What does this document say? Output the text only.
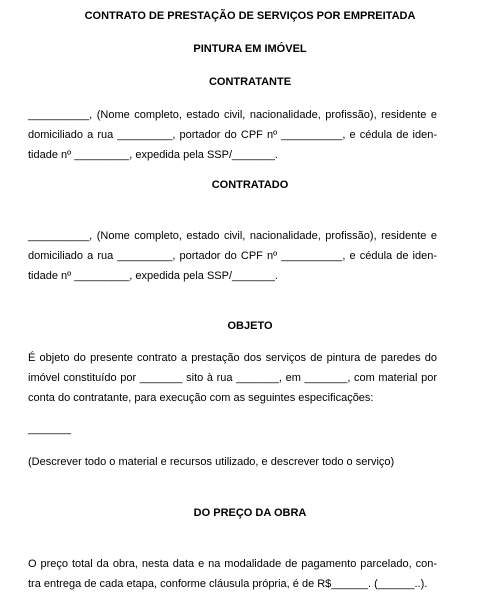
CONTRATO DE PRESTAÇÃO DE SERVIÇOS POR EMPREITADA
PINTURA EM IMÓVEL
CONTRATANTE
__________, (Nome completo, estado civil, nacionalidade, profissão), residente e
domiciliado a rua _________, portador do CPF nº __________, e cédula de iden-
tidade nº _________, expedida pela SSP/_______.
CONTRATADO
__________, (Nome completo, estado civil, nacionalidade, profissão), residente e
domiciliado a rua _________, portador do CPF nº __________, e cédula de iden-
tidade nº _________, expedida pela SSP/_______.
OBJETO
É objeto do presente contrato a prestação dos serviços de pintura de paredes do
imóvel constituído por _______ sito à rua _______, em _______, com material por
conta do contratante, para execução com as seguintes especificações:
_______
(Descrever todo o material e recursos utilizado, e descrever todo o serviço)
DO PREÇO DA OBRA
O preço total da obra, nesta data e na modalidade de pagamento parcelado, con-
tra entrega de cada etapa, conforme cláusula própria, é de R$______. (______..).
